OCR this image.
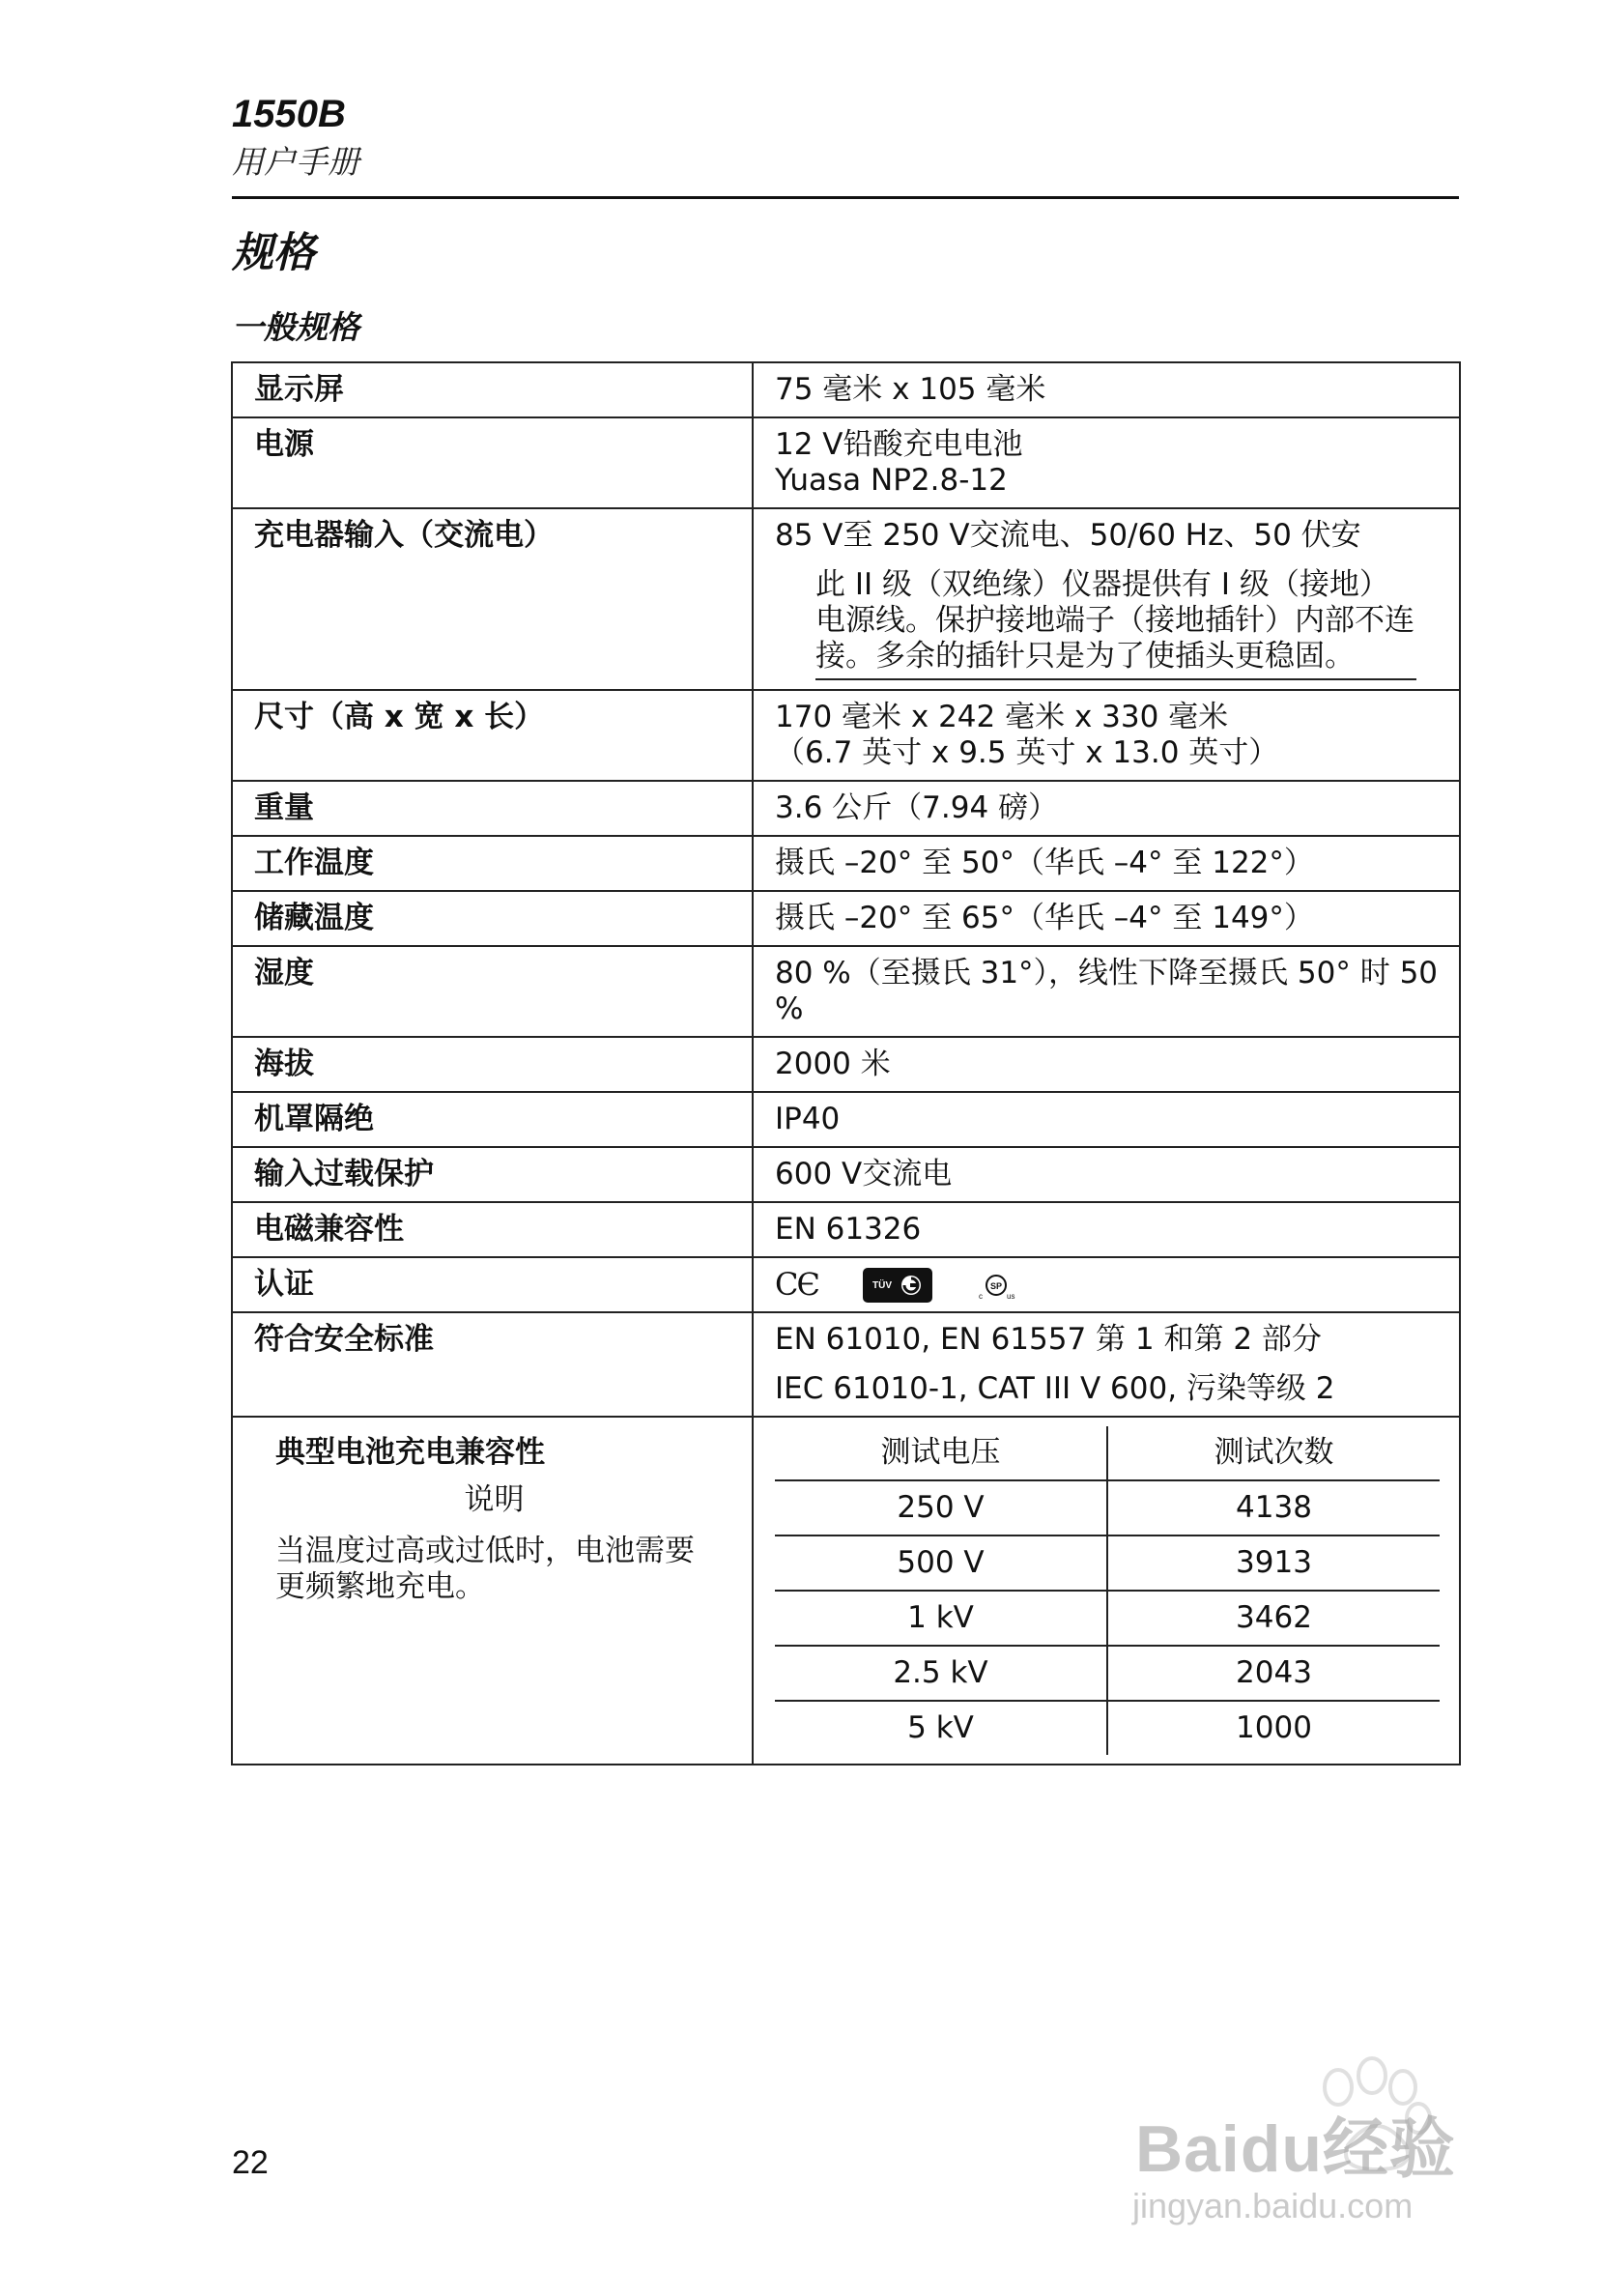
1550B
用户手册
规格
一般规格
显示屏	75 毫米 x 105 毫米
电源	12 V铅酸充电电池
Yuasa NP2.8-12

充电器输入（交流电）	85 V至 250 V交流电、50/60 Hz、50 伏安
此 II 级（双绝缘）仪器提供有 I 级（接地）电源线。保护接地端子（接地插针）内部不连接。多余的插针只是为了使插头更稳固。

尺寸（高 x 宽 x 长）	170 毫米 x 242 毫米 x 330 毫米
（6.7 英寸 x 9.5 英寸 x 13.0 英寸）

重量	3.6 公斤（7.94 磅）
工作温度	摄氏 –20° 至 50°（华氏 –4° 至 122°）
储藏温度	摄氏 –20° 至 65°（华氏 –4° 至 149°）
湿度	80 %（至摄氏 31°），线性下降至摄氏 50° 时 50 %
海拔	2000 米
机罩隔绝	IP40
输入过载保护	600 V交流电
电磁兼容性	EN 61326
认证	CЄ	TÜV
c
SP
us

符合安全标准	EN 61010, EN 61557 第 1 和第 2 部分
IEC 61010-1, CAT III V 600, 污染等级 2

典型电池充电兼容性
说明
当温度过高或过低时，电池需要更频繁地充电。

测试电压	测试次数
250 V	4138
500 V	3913
1 kV	3462
2.5 kV	2043
5 kV	1000
22	Baidu经验
jingyan.baidu.com
